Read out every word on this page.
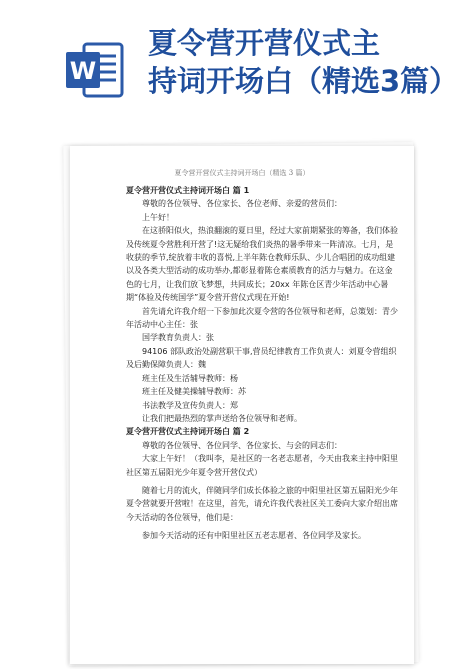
W
夏令营开营仪式主
持词开场白（精选3篇）
夏令营开营仪式主持词开场白（精选 3 篇）

夏令营开营仪式主持词开场白 篇 1

尊敬的各位领导、各位家长、各位老师、亲爱的营员们：

上午好！

在这骄阳似火，热浪翻滚的夏日里，经过大家前期紧张的筹备，我们体验及传统夏令营胜利开营了!这无疑给我们炎热的暑季带来一阵清凉。七月，是收获的季节,绽放着丰收的喜悦,上半年陈仓教师乐队、少儿合唱团的成功组建以及各类大型活动的成功举办,都彰显着陈仓素质教育的活力与魅力。在这金色的七月，让我们放飞梦想，共同成长；20xx 年陈仓区青少年活动中心暑期“体验及传统国学”夏令营开营仪式现在开始!

首先请允许我介绍一下参加此次夏令营的各位领导和老师，总策划：青少年活动中心主任：张

国学教育负责人：张

94106 部队政治处副营职干事,营员纪律教育工作负责人：刘夏令营组织及后勤保障负责人：魏

班主任及生活辅导教师：杨

班主任及健美操辅导教师：苏

书法教学及宣传负责人：郑

让我们把最热烈的掌声送给各位领导和老师。

夏令营开营仪式主持词开场白 篇 2

尊敬的各位领导、各位同学、各位家长、与会的同志们：

大家上午好！（我叫李，是社区的一名老志愿者，今天由我来主持中阳里社区第五届阳光少年夏令营开营仪式）

随着七月的流火，伴随同学们成长体验之旅的中阳里社区第五届阳光少年夏令营就要开营啦！在这里，首先，请允许我代表社区关工委向大家介绍出席今天活动的各位领导，他们是：

参加今天活动的还有中阳里社区五老志愿者、各位同学及家长。
